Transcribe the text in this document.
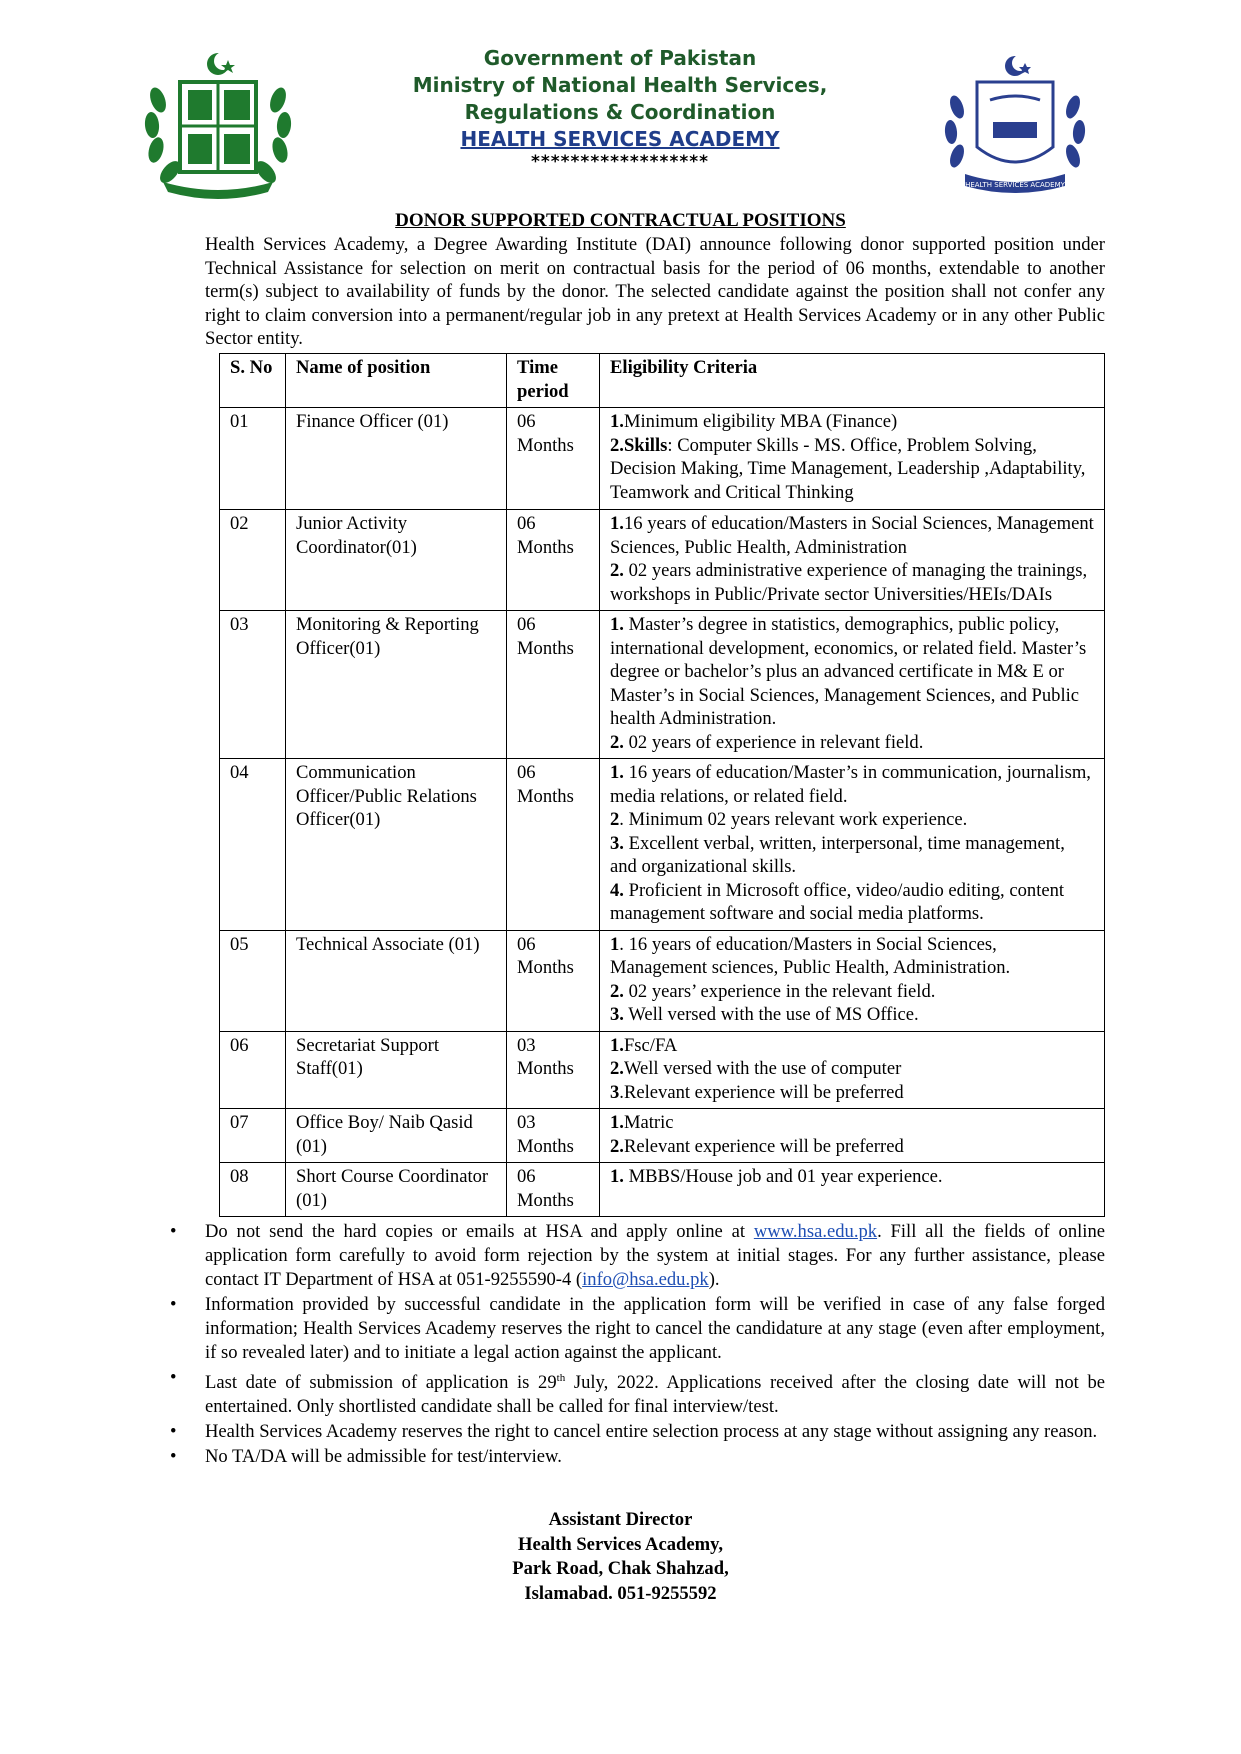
Government of Pakistan
Ministry of National Health Services,
Regulations & Coordination
HEALTH SERVICES ACADEMY
******************
HEALTH SERVICES ACADEMY
DONOR SUPPORTED CONTRACTUAL POSITIONS
Health Services Academy, a Degree Awarding Institute (DAI) announce following donor supported position under Technical Assistance for selection on merit on contractual basis for the period of 06 months, extendable to another term(s) subject to availability of funds by the donor. The selected candidate against the position shall not confer any right to claim conversion into a permanent/regular job in any pretext at Health Services Academy or in any other Public Sector entity.
S. No	Name of position	Time period	Eligibility Criteria
01	Finance Officer (01)	06 Months	1.Minimum eligibility MBA (Finance)
2.Skills: Computer Skills - MS. Office, Problem Solving, Decision Making, Time Management, Leadership ,Adaptability, Teamwork and Critical Thinking

02	Junior Activity Coordinator(01)	06 Months	1.16 years of education/Masters in Social Sciences, Management Sciences, Public Health, Administration
2. 02 years administrative experience of managing the trainings, workshops in Public/Private sector Universities/HEIs/DAIs

03	Monitoring & Reporting Officer(01)	06 Months	1. Master’s degree in statistics, demographics, public policy, international development, economics, or related field. Master’s degree or bachelor’s plus an advanced certificate in M& E or Master’s in Social Sciences, Management Sciences, and Public health Administration.
2. 02 years of experience in relevant field.

04	Communication Officer/Public Relations Officer(01)	06 Months	1. 16 years of education/Master’s in communication, journalism, media relations, or related field.
2. Minimum 02 years relevant work experience.
3. Excellent verbal, written, interpersonal, time management, and organizational skills.
4. Proficient in Microsoft office, video/audio editing, content management software and social media platforms.

05	Technical Associate (01)	06 Months	1. 16 years of education/Masters in Social Sciences, Management sciences, Public Health, Administration.
2. 02 years’ experience in the relevant field.
3. Well versed with the use of MS Office.

06	Secretariat Support Staff(01)	03 Months	1.Fsc/FA
2.Well versed with the use of computer
3.Relevant experience will be preferred

07	Office Boy/ Naib Qasid (01)	03 Months	1.Matric
2.Relevant experience will be preferred

08	Short Course Coordinator (01)	06 Months	1. MBBS/House job and 01 year experience.
• Do not send the hard copies or emails at HSA and apply online at www.hsa.edu.pk. Fill all the fields of online application form carefully to avoid form rejection by the system at initial stages. For any further assistance, please contact IT Department of HSA at 051-9255590-4 (info@hsa.edu.pk).
• Information provided by successful candidate in the application form will be verified in case of any false forged information; Health Services Academy reserves the right to cancel the candidature at any stage (even after employment, if so revealed later) and to initiate a legal action against the applicant.
• Last date of submission of application is 29th July, 2022. Applications received after the closing date will not be entertained. Only shortlisted candidate shall be called for final interview/test.
• Health Services Academy reserves the right to cancel entire selection process at any stage without assigning any reason.
• No TA/DA will be admissible for test/interview.
Assistant Director
Health Services Academy,
Park Road, Chak Shahzad,
Islamabad. 051-9255592
